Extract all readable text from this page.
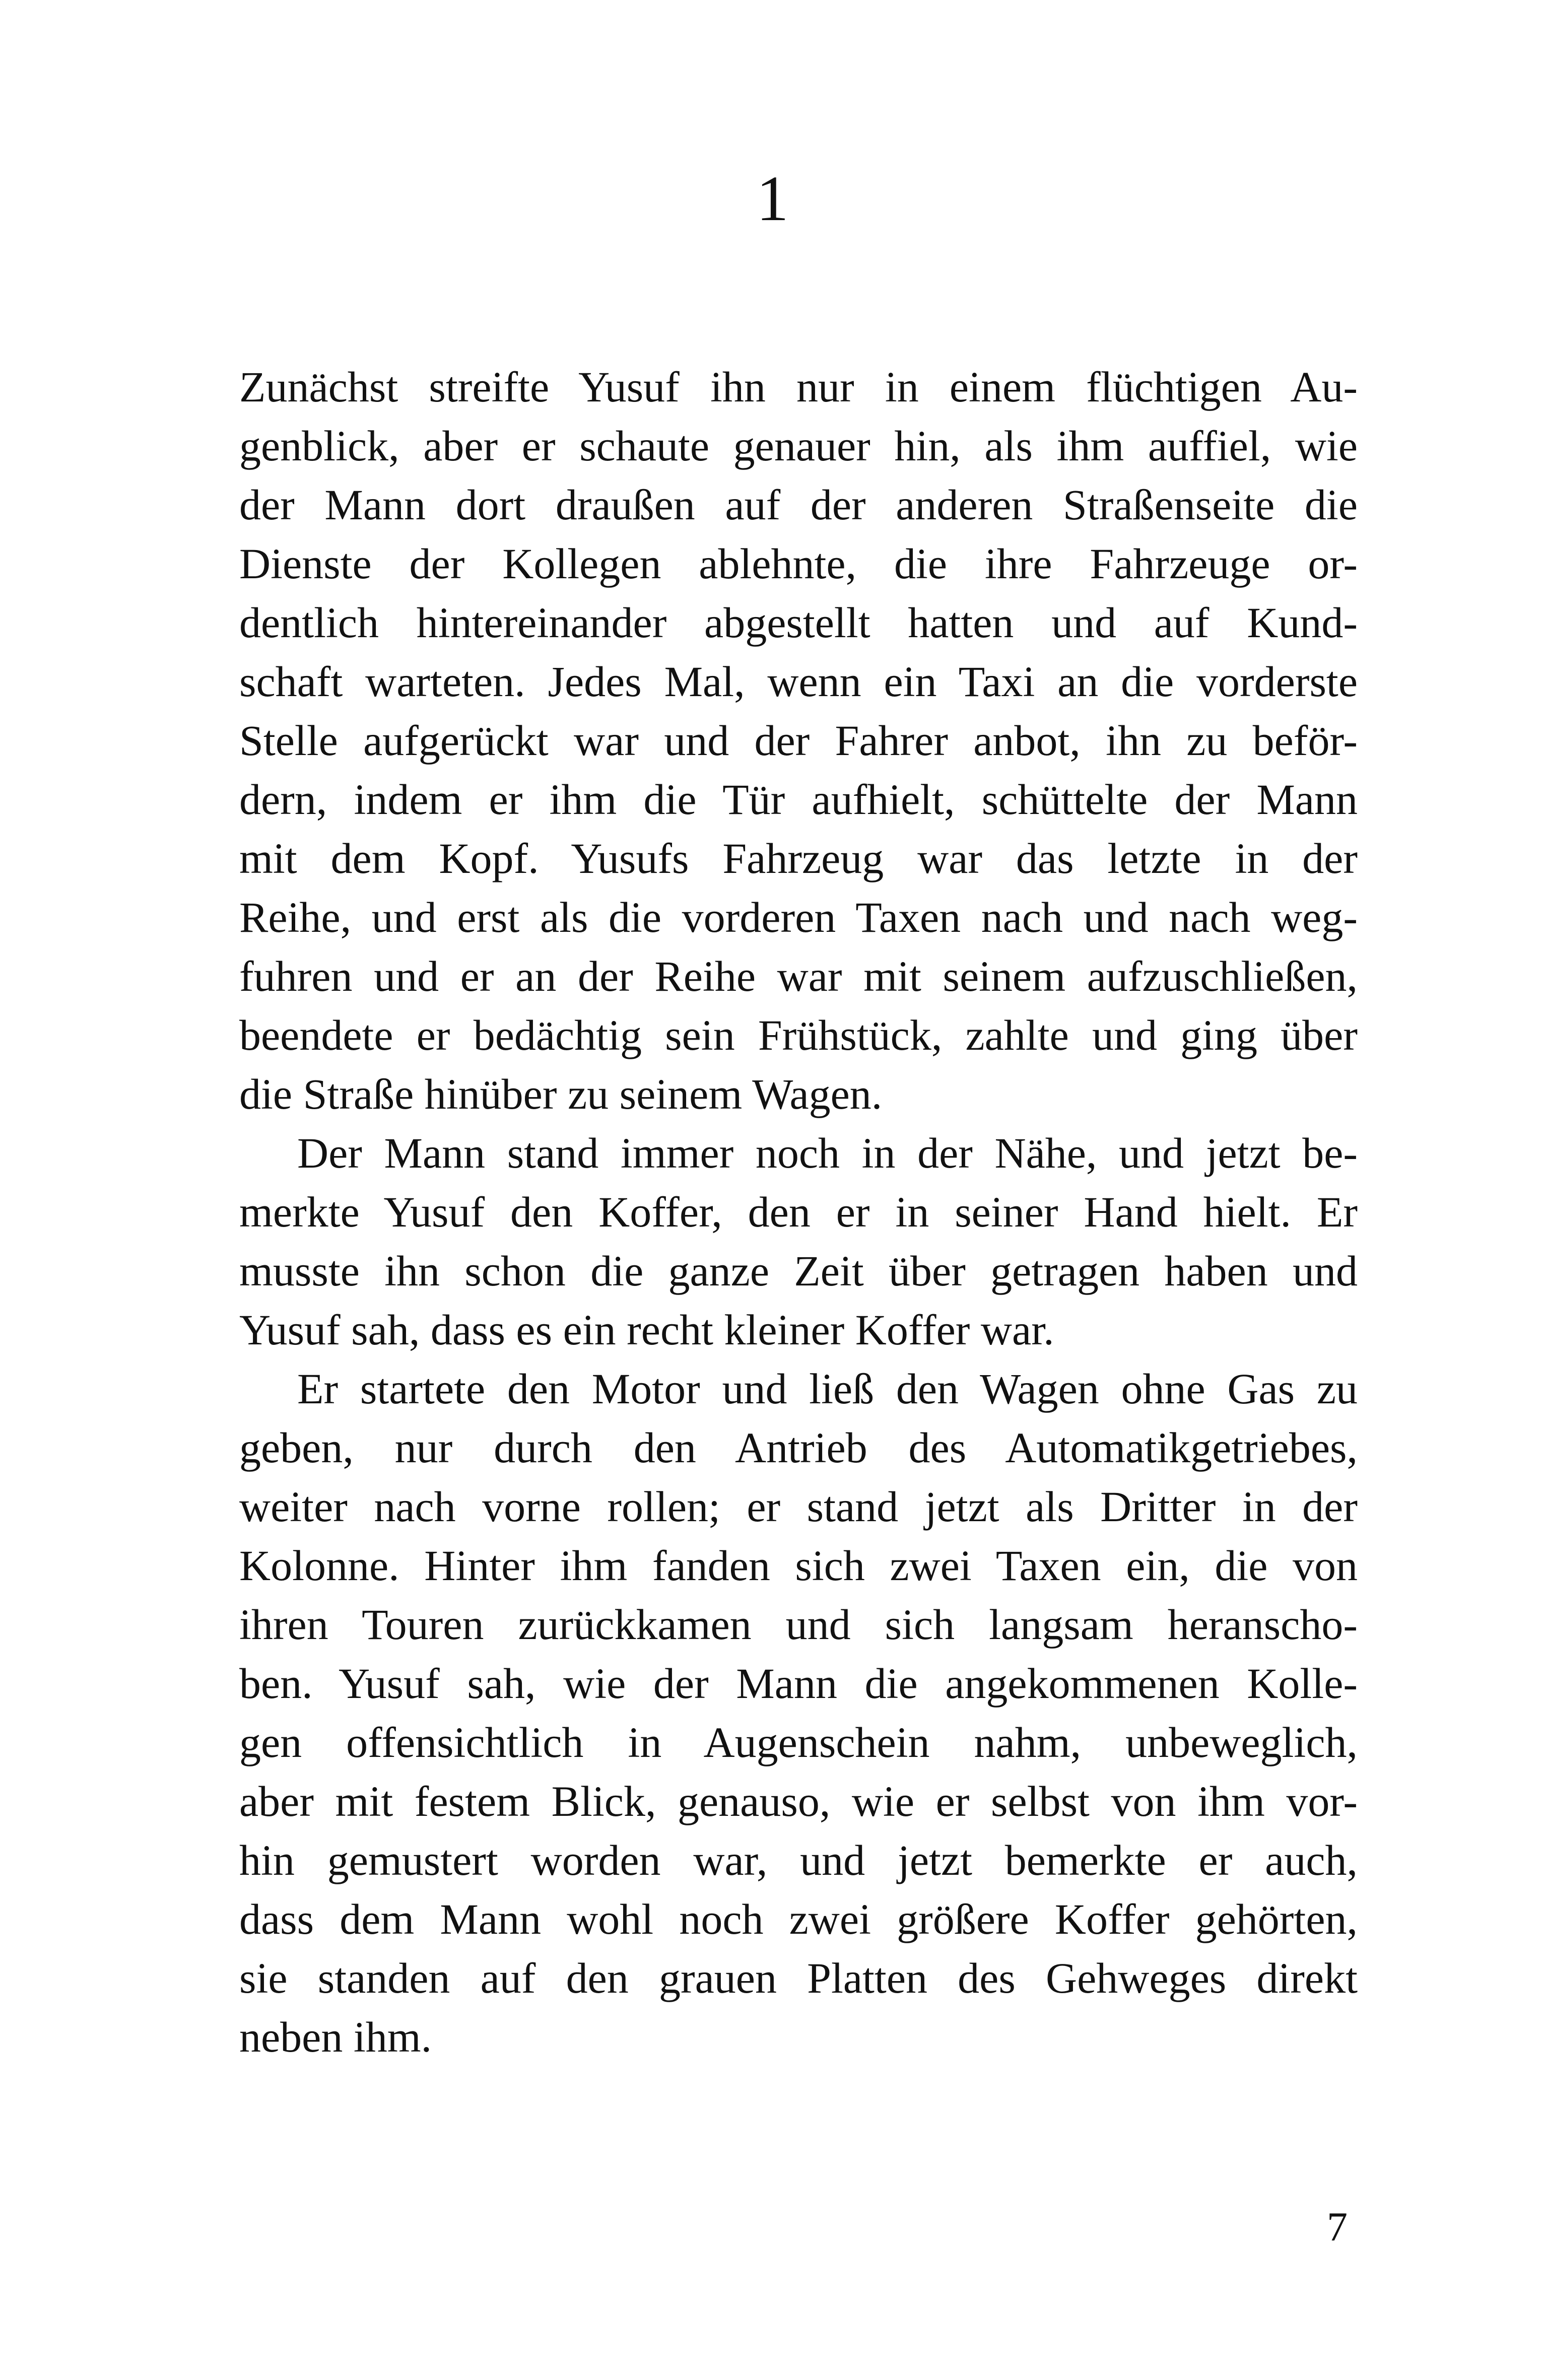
1
Zunächst streifte Yusuf ihn nur in einem flüchtigen Au-
genblick, aber er schaute genauer hin, als ihm auffiel, wie
der Mann dort draußen auf der anderen Straßenseite die
Dienste der Kollegen ablehnte, die ihre Fahrzeuge or-
dentlich hintereinander abgestellt hatten und auf Kund-
schaft warteten. Jedes Mal, wenn ein Taxi an die vorderste
Stelle aufgerückt war und der Fahrer anbot, ihn zu beför-
dern, indem er ihm die Tür aufhielt, schüttelte der Mann
mit dem Kopf. Yusufs Fahrzeug war das letzte in der
Reihe, und erst als die vorderen Taxen nach und nach weg-
fuhren und er an der Reihe war mit seinem aufzuschließen,
beendete er bedächtig sein Frühstück, zahlte und ging über
die Straße hinüber zu seinem Wagen.
Der Mann stand immer noch in der Nähe, und jetzt be-
merkte Yusuf den Koffer, den er in seiner Hand hielt. Er
musste ihn schon die ganze Zeit über getragen haben und
Yusuf sah, dass es ein recht kleiner Koffer war.
Er startete den Motor und ließ den Wagen ohne Gas zu
geben, nur durch den Antrieb des Automatikgetriebes,
weiter nach vorne rollen; er stand jetzt als Dritter in der
Kolonne. Hinter ihm fanden sich zwei Taxen ein, die von
ihren Touren zurückkamen und sich langsam heranscho-
ben. Yusuf sah, wie der Mann die angekommenen Kolle-
gen offensichtlich in Augenschein nahm, unbeweglich,
aber mit festem Blick, genauso, wie er selbst von ihm vor-
hin gemustert worden war, und jetzt bemerkte er auch,
dass dem Mann wohl noch zwei größere Koffer gehörten,
sie standen auf den grauen Platten des Gehweges direkt
neben ihm.
7
